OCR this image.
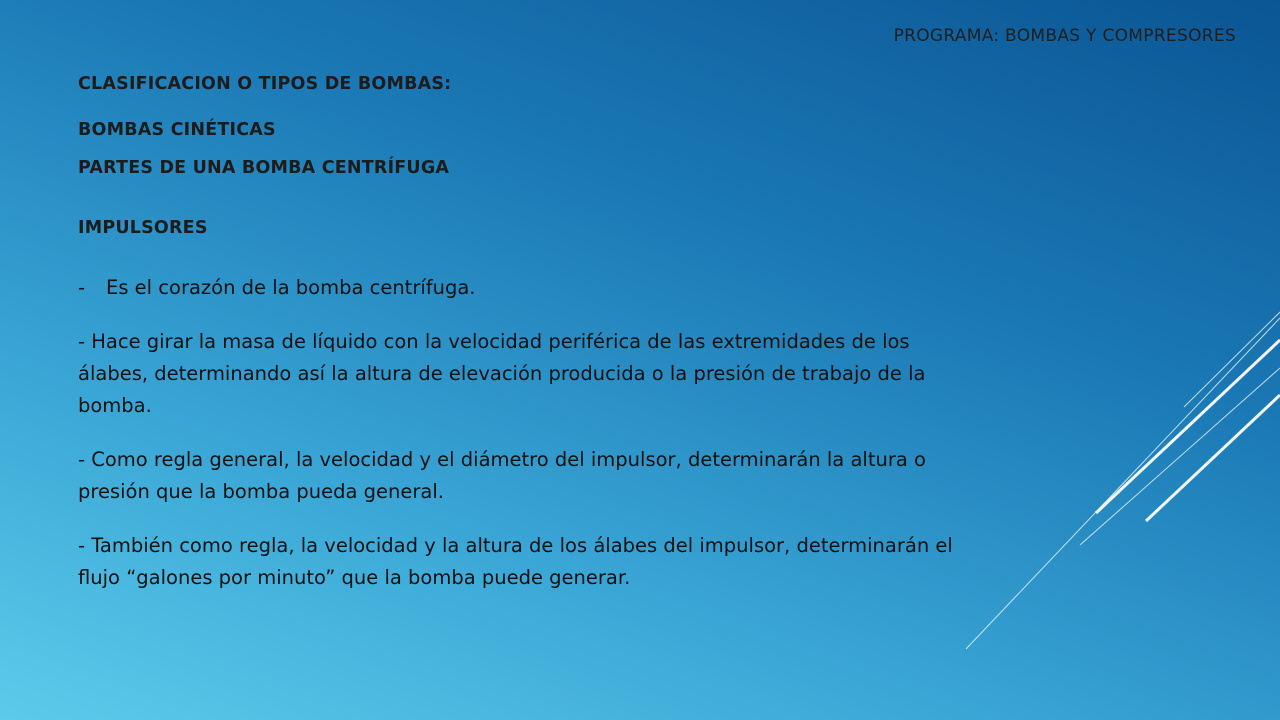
PROGRAMA: BOMBAS Y COMPRESORES
CLASIFICACION O TIPOS DE BOMBAS:
BOMBAS CINÉTICAS
PARTES DE UNA BOMBA CENTRÍFUGA
IMPULSORES

-	Es el corazón de la bomba centrífuga.

- Hace girar la masa de líquido con la velocidad periférica de las extremidades de los álabes, determinando así la altura de elevación producida o la presión de trabajo de la bomba.

- Como regla general, la velocidad y el diámetro del impulsor, determinarán la altura o presión que la bomba pueda general.

- También como regla, la velocidad y la altura de los álabes del impulsor, determinarán el flujo “galones por minuto” que la bomba puede generar.
